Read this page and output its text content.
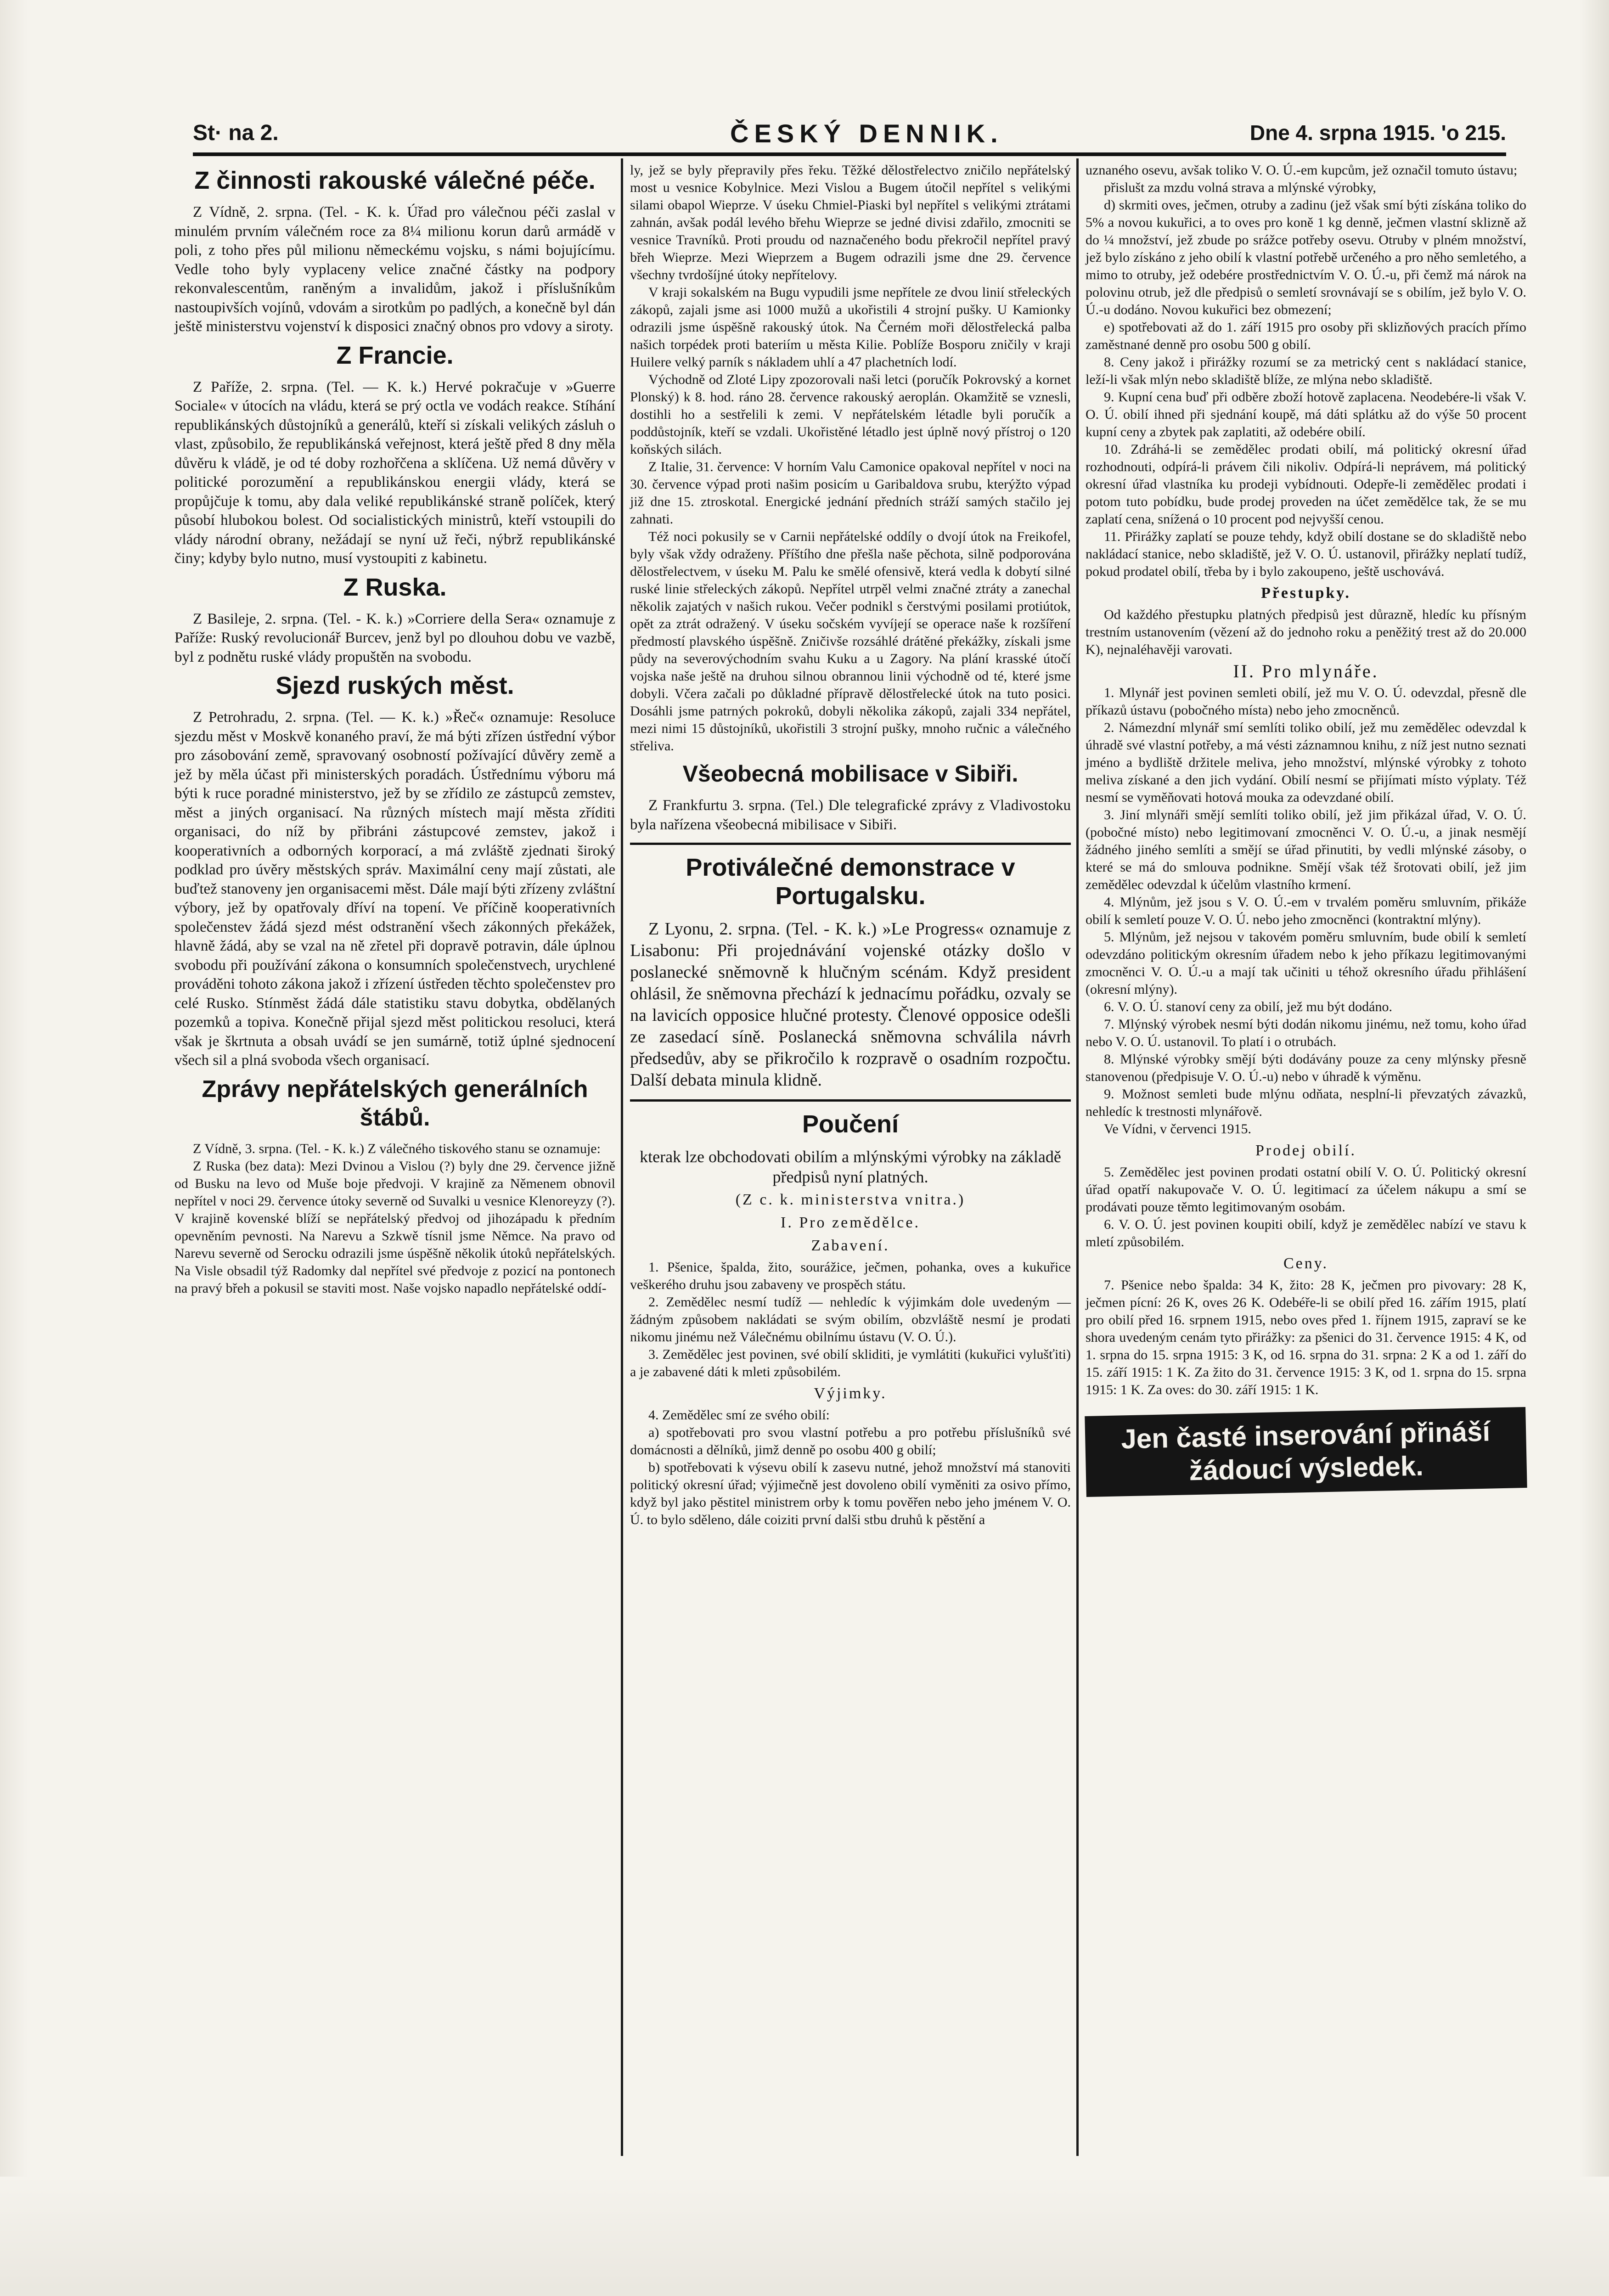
St· na 2.	ČESKÝ DENNIK.	Dne 4. srpna 1915. 'o 215.
Z činnosti rakouské válečné péče.

Z Vídně, 2. srpna. (Tel. - K. k. Úřad pro válečnou péči zaslal v minulém prvním válečném roce za 8¼ milionu korun darů armádě v poli, z toho přes půl milionu německému vojsku, s námi bojujícímu. Vedle toho byly vyplaceny velice značné částky na podpory rekonvalescentům, raněným a invalidům, jakož i příslušníkům nastoupivších vojínů, vdovám a sirotkům po padlých, a konečně byl dán ještě ministerstvu vojenství k disposici značný obnos pro vdovy a siroty.

Z Francie.

Z Paříže, 2. srpna. (Tel. — K. k.) Hervé pokračuje v »Guerre Sociale« v útocích na vládu, která se prý octla ve vodách reakce. Stíhání republikánských důstojníků a generálů, kteří si získali velikých zásluh o vlast, způsobilo, že republikánská veřejnost, která ještě před 8 dny měla důvěru k vládě, je od té doby rozhořčena a sklíčena. Už nemá důvěry v politické porozumění a republikánskou energii vlády, která se propůjčuje k tomu, aby dala veliké republikánské straně políček, který působí hlubokou bolest. Od socialistických ministrů, kteří vstoupili do vlády národní obrany, nežádají se nyní už řeči, nýbrž republikánské činy; kdyby bylo nutno, musí vystoupiti z kabinetu.

Z Ruska.

Z Basileje, 2. srpna. (Tel. - K. k.) »Corriere della Sera« oznamuje z Paříže: Ruský revolucionář Burcev, jenž byl po dlouhou dobu ve vazbě, byl z podnětu ruské vlády propuštěn na svobodu.

Sjezd ruských měst.

Z Petrohradu, 2. srpna. (Tel. — K. k.) »Řeč« oznamuje: Resoluce sjezdu měst v Moskvě konaného praví, že má býti zřízen ústřední výbor pro zásobování země, spravovaný osobností požívající důvěry země a jež by měla účast při ministerských poradách. Ústřednímu výboru má býti k ruce poradné ministerstvo, jež by se zřídilo ze zástupců zemstev, měst a jiných organisací. Na různých místech mají města zříditi organisaci, do níž by přibráni zástupcové zemstev, jakož i kooperativních a odborných korporací, a má zvláště zjednati široký podklad pro úvěry městských správ. Maximální ceny mají zůstati, ale buďtež stanoveny jen organisacemi měst. Dále mají býti zřízeny zvláštní výbory, jež by opatřovaly dříví na topení. Ve příčině kooperativních společenstev žádá sjezd mést odstranění všech zákonných překážek, hlavně žádá, aby se vzal na ně zřetel při dopravě potravin, dále úplnou svobodu při používání zákona o konsumních společenstvech, urychlené prováděni tohoto zákona jakož i zřízení ústředen těchto společenstev pro celé Rusko. Stínměst žádá dále statistiku stavu dobytka, obdělaných pozemků a topiva. Konečně přijal sjezd měst politickou resoluci, která však je škrtnuta a obsah uvádí se jen sumárně, totiž úplné sjednocení všech sil a plná svoboda všech organisací.

Zprávy nepřátelských generálních štábů.

Z Vídně, 3. srpna. (Tel. - K. k.) Z válečného tiskového stanu se oznamuje:

Z Ruska (bez data): Mezi Dvinou a Vislou (?) byly dne 29. července jižně od Busku na levo od Muše boje předvoji. V krajině za Němenem obnovil nepřítel v noci 29. července útoky severně od Suvalki u vesnice Klenoreyzy (?). V krajině kovenské blíží se nepřátelský předvoj od jihozápadu k předním opevněním pevnosti. Na Narevu a Szkwě tísnil jsme Němce. Na pravo od Narevu severně od Serocku odrazili jsme úspěšně několik útoků nepřátelských. Na Visle obsadil týž Radomky dal nepřítel své předvoje z pozicí na pontonech na pravý břeh a pokusil se staviti most. Naše vojsko napadlo nepřátelské oddí-

ly, jež se byly přepravily přes řeku. Těžké dělostřelectvo zničilo nepřátelský most u vesnice Kobylnice. Mezi Vislou a Bugem útočil nepřítel s velikými silami obapol Wieprze. V úseku Chmiel-Piaski byl nepřítel s velikými ztrátami zahnán, avšak podál levého břehu Wieprze se jedné divisi zdařilo, zmocniti se vesnice Travníků. Proti proudu od naznačeného bodu překročil nepřítel pravý břeh Wieprze. Mezi Wieprzem a Bugem odrazili jsme dne 29. července všechny tvrdošíjné útoky nepřítelovy.

V kraji sokalském na Bugu vypudili jsme nepřítele ze dvou linií střeleckých zákopů, zajali jsme asi 1000 mužů a ukořistili 4 strojní pušky. U Kamionky odrazili jsme úspěšně rakouský útok. Na Černém moři dělostřelecká palba našich torpédek proti bateriím u města Kilie. Poblíže Bosporu zničily v kraji Huilere velký parník s nákladem uhlí a 47 plachetních lodí.

Východně od Zloté Lipy zpozorovali naši letci (poručík Pokrovský a kornet Plonský) k 8. hod. ráno 28. července rakouský aeroplán. Okamžitě se vznesli, dostihli ho a sestřelili k zemi. V nepřátelském létadle byli poručík a poddůstojník, kteří se vzdali. Ukořistěné létadlo jest úplně nový přístroj o 120 koňských silách.

Z Italie, 31. července: V horním Valu Camonice opakoval nepřítel v noci na 30. července výpad proti našim posicím u Garibaldova srubu, kterýžto výpad již dne 15. ztroskotal. Energické jednání předních stráží samých stačilo jej zahnati.

Též noci pokusily se v Carnii nepřátelské oddíly o dvojí útok na Freikofel, byly však vždy odraženy. Příštího dne přešla naše pěchota, silně podporována dělostřelectvem, v úseku M. Palu ke smělé ofensivě, která vedla k dobytí silné ruské linie střeleckých zákopů. Nepřítel utrpěl velmi značné ztráty a zanechal několik zajatých v našich rukou. Večer podnikl s čerstvými posilami protiútok, opět za ztrát odražený. V úseku sočském vyvíjejí se operace naše k rozšíření předmostí plavského úspěšně. Zničivše rozsáhlé drátěné překážky, získali jsme půdy na severovýchodním svahu Kuku a u Zagory. Na plání krasské útočí vojska naše ještě na druhou silnou obrannou linii východně od té, které jsme dobyli. Včera začali po důkladné přípravě dělostřelecké útok na tuto posici. Dosáhli jsme patrných pokroků, dobyli několika zákopů, zajali 334 nepřátel, mezi nimi 15 důstojníků, ukořistili 3 strojní pušky, mnoho ručnic a válečného střeliva.

Všeobecná mobilisace v Sibiři.

Z Frankfurtu 3. srpna. (Tel.) Dle telegrafické zprávy z Vladivostoku byla nařízena všeobecná mibilisace v Sibiři.

Protiválečné demonstrace v Portugalsku.

Z Lyonu, 2. srpna. (Tel. - K. k.) »Le Progress« oznamuje z Lisabonu: Při projednávání vojenské otázky došlo v poslanecké sněmovně k hlučným scénám. Když president ohlásil, že sněmovna přechází k jednacímu pořádku, ozvaly se na lavicích opposice hlučné protesty. Členové opposice odešli ze zasedací síně. Poslanecká sněmovna schválila návrh předsedův, aby se přikročilo k rozpravě o osadním rozpočtu. Další debata minula klidně.

Poučení

kterak lze obchodovati obilím a mlýnskými výrobky na základě předpisů nyní platných.

(Z c. k. ministerstva vnitra.)
I. Pro zemědělce.
Zabavení.

1. Pšenice, špalda, žito, sourážice, ječmen, pohanka, oves a kukuřice veškerého druhu jsou zabaveny ve prospěch státu.

2. Zemědělec nesmí tudíž — nehledíc k výjimkám dole uvedeným — žádným způsobem nakládati se svým obilím, obzvláště nesmí je prodati nikomu jinému než Válečnému obilnímu ústavu (V. O. Ú.).

3. Zemědělec jest povinen, své obilí skliditi, je vymlátiti (kukuřici vylušťiti) a je zabavené dáti k mleti způsobilém.

Výjimky.

4. Zemědělec smí ze svého obilí:

a) spotřebovati pro svou vlastní potřebu a pro potřebu příslušníků své domácnosti a dělníků, jimž denně po osobu 400 g obilí;

b) spotřebovati k výsevu obilí k zasevu nutné, jehož množství má stanoviti politický okresní úřad; výjimečně jest dovoleno obilí vyměniti za osivo přímo, když byl jako pěstitel ministrem orby k tomu pověřen nebo jeho jménem V. O. Ú. to bylo sděleno, dále coiziti první dalši stbu druhů k pěstění a

uznaného osevu, avšak toliko V. O. Ú.-em kupcům, jež označil tomuto ústavu;

přislušt za mzdu volná strava a mlýnské výrobky,

d) skrmiti oves, ječmen, otruby a zadinu (jež však smí býti získána toliko do 5% a novou kukuřici, a to oves pro koně 1 kg denně, ječmen vlastní sklizně až do ¼ množství, jež zbude po srážce potřeby osevu. Otruby v plném množství, jež bylo získáno z jeho obilí k vlastní potřebě určeného a pro něho semletého, a mimo to otruby, jež odebére prostřednictvím V. O. Ú.-u, při čemž má nárok na polovinu otrub, jež dle předpisů o semletí srovnávají se s obilím, jež bylo V. O. Ú.-u dodáno. Novou kukuřici bez obmezení;

e) spotřebovati až do 1. září 1915 pro osoby při sklizňových pracích přímo zaměstnané denně pro osobu 500 g obilí.

8. Ceny jakož i přirážky rozumí se za metrický cent s nakládací stanice, leží-li však mlýn nebo skladiště blíže, ze mlýna nebo skladiště.

9. Kupní cena buď při odběre zboží hotově zaplacena. Neodebére-li však V. O. Ú. obilí ihned při sjednání koupě, má dáti splátku až do výše 50 procent kupní ceny a zbytek pak zaplatiti, až odebére obilí.

10. Zdráhá-li se zemědělec prodati obilí, má politický okresní úřad rozhodnouti, odpírá-li právem čili nikoliv. Odpírá-li neprávem, má politický okresní úřad vlastníka ku prodeji vybídnouti. Odepře-li zemědělec prodati i potom tuto pobídku, bude prodej proveden na účet zemědělce tak, že se mu zaplatí cena, snížená o 10 procent pod nejvyšší cenou.

11. Přirážky zaplatí se pouze tehdy, když obilí dostane se do skladiště nebo nakládací stanice, nebo skladiště, jež V. O. Ú. ustanovil, přirážky neplatí tudíž, pokud prodatel obilí, třeba by i bylo zakoupeno, ještě uschovává.

Přestupky.

Od každého přestupku platných předpisů jest důrazně, hledíc ku přísným trestním ustanovením (vězení až do jednoho roku a peněžitý trest až do 20.000 K), nejnaléhavěji varovati.

II. Pro mlynáře.

1. Mlynář jest povinen semleti obilí, jež mu V. O. Ú. odevzdal, přesně dle příkazů ústavu (pobočného místa) nebo jeho zmocněnců.

2. Námezdní mlynář smí semlíti toliko obilí, jež mu zemědělec odevzdal k úhradě své vlastní potřeby, a má vésti záznamnou knihu, z níž jest nutno seznati jméno a bydliště držitele meliva, jeho množství, mlýnské výrobky z tohoto meliva získané a den jich vydání. Obilí nesmí se přijímati místo výplaty. Též nesmí se vyměňovati hotová mouka za odevzdané obilí.

3. Jiní mlynáři smějí semlíti toliko obilí, jež jim přikázal úřad, V. O. Ú. (pobočné místo) nebo legitimovaní zmocněnci V. O. Ú.-u, a jinak nesmějí žádného jiného semlíti a smějí se úřad přinutiti, by vedli mlýnské zásoby, o které se má do smlouva podnikne. Smějí však též šrotovati obilí, jež jim zemědělec odevzdal k účelům vlastního krmení.

4. Mlýnům, jež jsou s V. O. Ú.-em v trvalém poměru smluvním, přikáže obilí k semletí pouze V. O. Ú. nebo jeho zmocněnci (kontraktní mlýny).

5. Mlýnům, jež nejsou v takovém poměru smluvním, bude obilí k semletí odevzdáno politickým okresním úřadem nebo k jeho příkazu legitimovanými zmocněnci V. O. Ú.-u a mají tak učiniti u téhož okresního úřadu přihlášení (okresní mlýny).

6. V. O. Ú. stanoví ceny za obilí, jež mu být dodáno.

7. Mlýnský výrobek nesmí býti dodán nikomu jinému, než tomu, koho úřad nebo V. O. Ú. ustanovil. To platí i o otrubách.

8. Mlýnské výrobky smějí býti dodávány pouze za ceny mlýnsky přesně stanovenou (předpisuje V. O. Ú.-u) nebo v úhradě k výměnu.

9. Možnost semleti bude mlýnu odňata, nesplní-li převzatých závazků, nehledíc k trestnosti mlynářově.

Ve Vídni, v červenci 1915.

Prodej obilí.

5. Zemědělec jest povinen prodati ostatní obilí V. O. Ú. Politický okresní úřad opatří nakupovače V. O. Ú. legitimací za účelem nákupu a smí se prodávati pouze těmto legitimovaným osobám.

6. V. O. Ú. jest povinen koupiti obilí, když je zemědělec nabízí ve stavu k mletí způsobilém.

Ceny.

7. Pšenice nebo špalda: 34 K, žito: 28 K, ječmen pro pivovary: 28 K, ječmen pícní: 26 K, oves 26 K. Odebéře-li se obilí před 16. zářím 1915, platí pro obilí před 16. srpnem 1915, nebo oves před 1. říjnem 1915, zapraví se ke shora uvedeným cenám tyto přirážky: za pšenici do 31. července 1915: 4 K, od 1. srpna do 15. srpna 1915: 3 K, od 16. srpna do 31. srpna: 2 K a od 1. září do 15. září 1915: 1 K. Za žito do 31. července 1915: 3 K, od 1. srpna do 15. srpna 1915: 1 K. Za oves: do 30. září 1915: 1 K.

Jen časté inserování přináší žádoucí výsledek.
